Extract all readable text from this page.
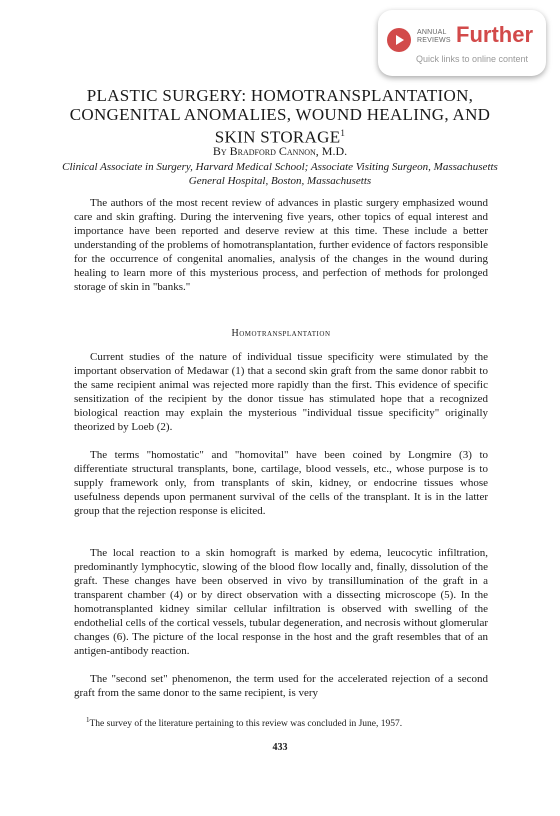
ANNUAL
REVIEWS Further
Quick links to online content
PLASTIC SURGERY: HOMOTRANSPLANTATION, CONGENITAL ANOMALIES, WOUND HEALING, AND SKIN STORAGE$^1$
By Bradford Cannon, M.D.
Clinical Associate in Surgery, Harvard Medical School; Associate Visiting Surgeon, Massachusetts General Hospital, Boston, Massachusetts

The authors of the most recent review of advances in plastic surgery emphasized wound care and skin grafting. During the intervening five years, other topics of equal interest and importance have been reported and deserve review at this time. These include a better understanding of the problems of homotransplantation, further evidence of factors responsible for the occurrence of congenital anomalies, analysis of the changes in the wound during healing to learn more of this mysterious process, and perfection of methods for prolonged storage of skin in "banks."

Homotransplantation

Current studies of the nature of individual tissue specificity were stimulated by the important observation of Medawar (1) that a second skin graft from the same donor rabbit to the same recipient animal was rejected more rapidly than the first. This evidence of specific sensitization of the recipient by the donor tissue has stimulated hope that a recognized biological reaction may explain the mysterious "individual tissue specificity" originally theorized by Loeb (2).

The terms "homostatic" and "homovital" have been coined by Longmire (3) to differentiate structural transplants, bone, cartilage, blood vessels, etc., whose purpose is to supply framework only, from transplants of skin, kidney, or endocrine tissues whose usefulness depends upon permanent survival of the cells of the transplant. It is in the latter group that the rejection response is elicited.

The local reaction to a skin homograft is marked by edema, leucocytic infiltration, predominantly lymphocytic, slowing of the blood flow locally and, finally, dissolution of the graft. These changes have been observed in vivo by transillumination of the graft in a transparent chamber (4) or by direct observation with a dissecting microscope (5). In the homotransplanted kidney similar cellular infiltration is observed with swelling of the endothelial cells of the cortical vessels, tubular degeneration, and necrosis without glomerular changes (6). The picture of the local response in the host and the graft resembles that of an antigen-antibody reaction.

The "second set" phenomenon, the term used for the accelerated rejection of a second graft from the same donor to the same recipient, is very

$^1$The survey of the literature pertaining to this review was concluded in June, 1957.

433
